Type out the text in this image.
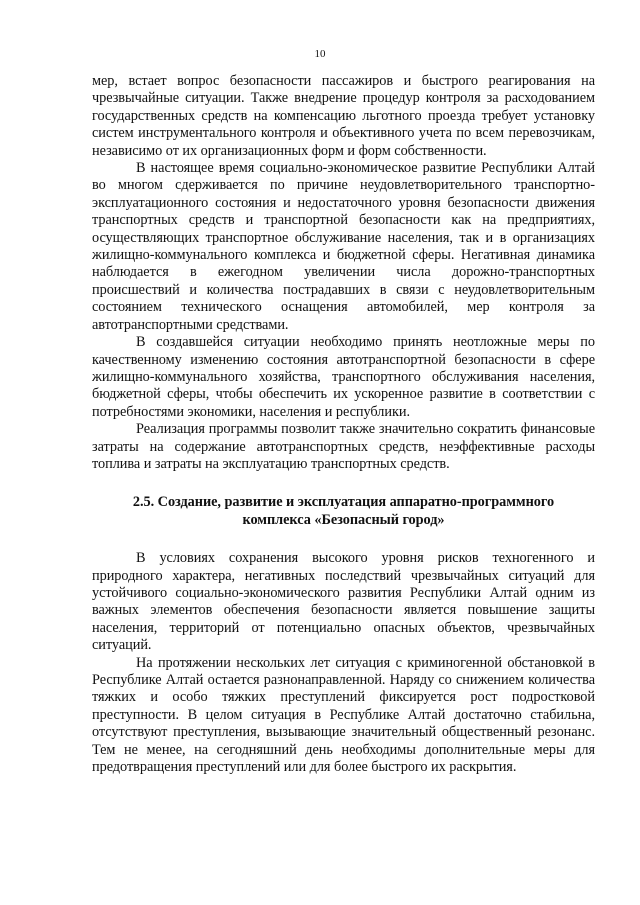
10

мер, встает вопрос безопасности пассажиров и быстрого реагирования на чрезвычайные ситуации. Также внедрение процедур контроля за расходованием государственных средств на компенсацию льготного проезда требует установку систем инструментального контроля и объективного учета по всем перевозчикам, независимо от их организационных форм и форм собственности.

В настоящее время социально-экономическое развитие Республики Алтай во многом сдерживается по причине неудовлетворительного транспортно-эксплуатационного состояния и недостаточного уровня безопасности движения транспортных средств и транспортной безопасности как на предприятиях, осуществляющих транспортное обслуживание населения, так и в организациях жилищно-коммунального комплекса и бюджетной сферы. Негативная динамика наблюдается в ежегодном увеличении числа дорожно-транспортных происшествий и количества пострадавших в связи с неудовлетворительным состоянием технического оснащения автомобилей, мер контроля за автотранспортными средствами.

В создавшейся ситуации необходимо принять неотложные меры по качественному изменению состояния автотранспортной безопасности в сфере жилищно-коммунального хозяйства, транспортного обслуживания населения, бюджетной сферы, чтобы обеспечить их ускоренное развитие в соответствии с потребностями экономики, населения и республики.

Реализация программы позволит также значительно сократить финансовые затраты на содержание автотранспортных средств, неэффективные расходы топлива и затраты на эксплуатацию транспортных средств.

2.5. Создание, развитие и эксплуатация аппаратно-программного комплекса «Безопасный город»

В условиях сохранения высокого уровня рисков техногенного и природного характера, негативных последствий чрезвычайных ситуаций для устойчивого социально-экономического развития Республики Алтай одним из важных элементов обеспечения безопасности является повышение защиты населения, территорий от потенциально опасных объектов, чрезвычайных ситуаций.

На протяжении нескольких лет ситуация с криминогенной обстановкой в Республике Алтай остается разнонаправленной. Наряду со снижением количества тяжких и особо тяжких преступлений фиксируется рост подростковой преступности. В целом ситуация в Республике Алтай достаточно стабильна, отсутствуют преступления, вызывающие значительный общественный резонанс. Тем не менее, на сегодняшний день необходимы дополнительные меры для предотвращения преступлений или для более быстрого их раскрытия.
